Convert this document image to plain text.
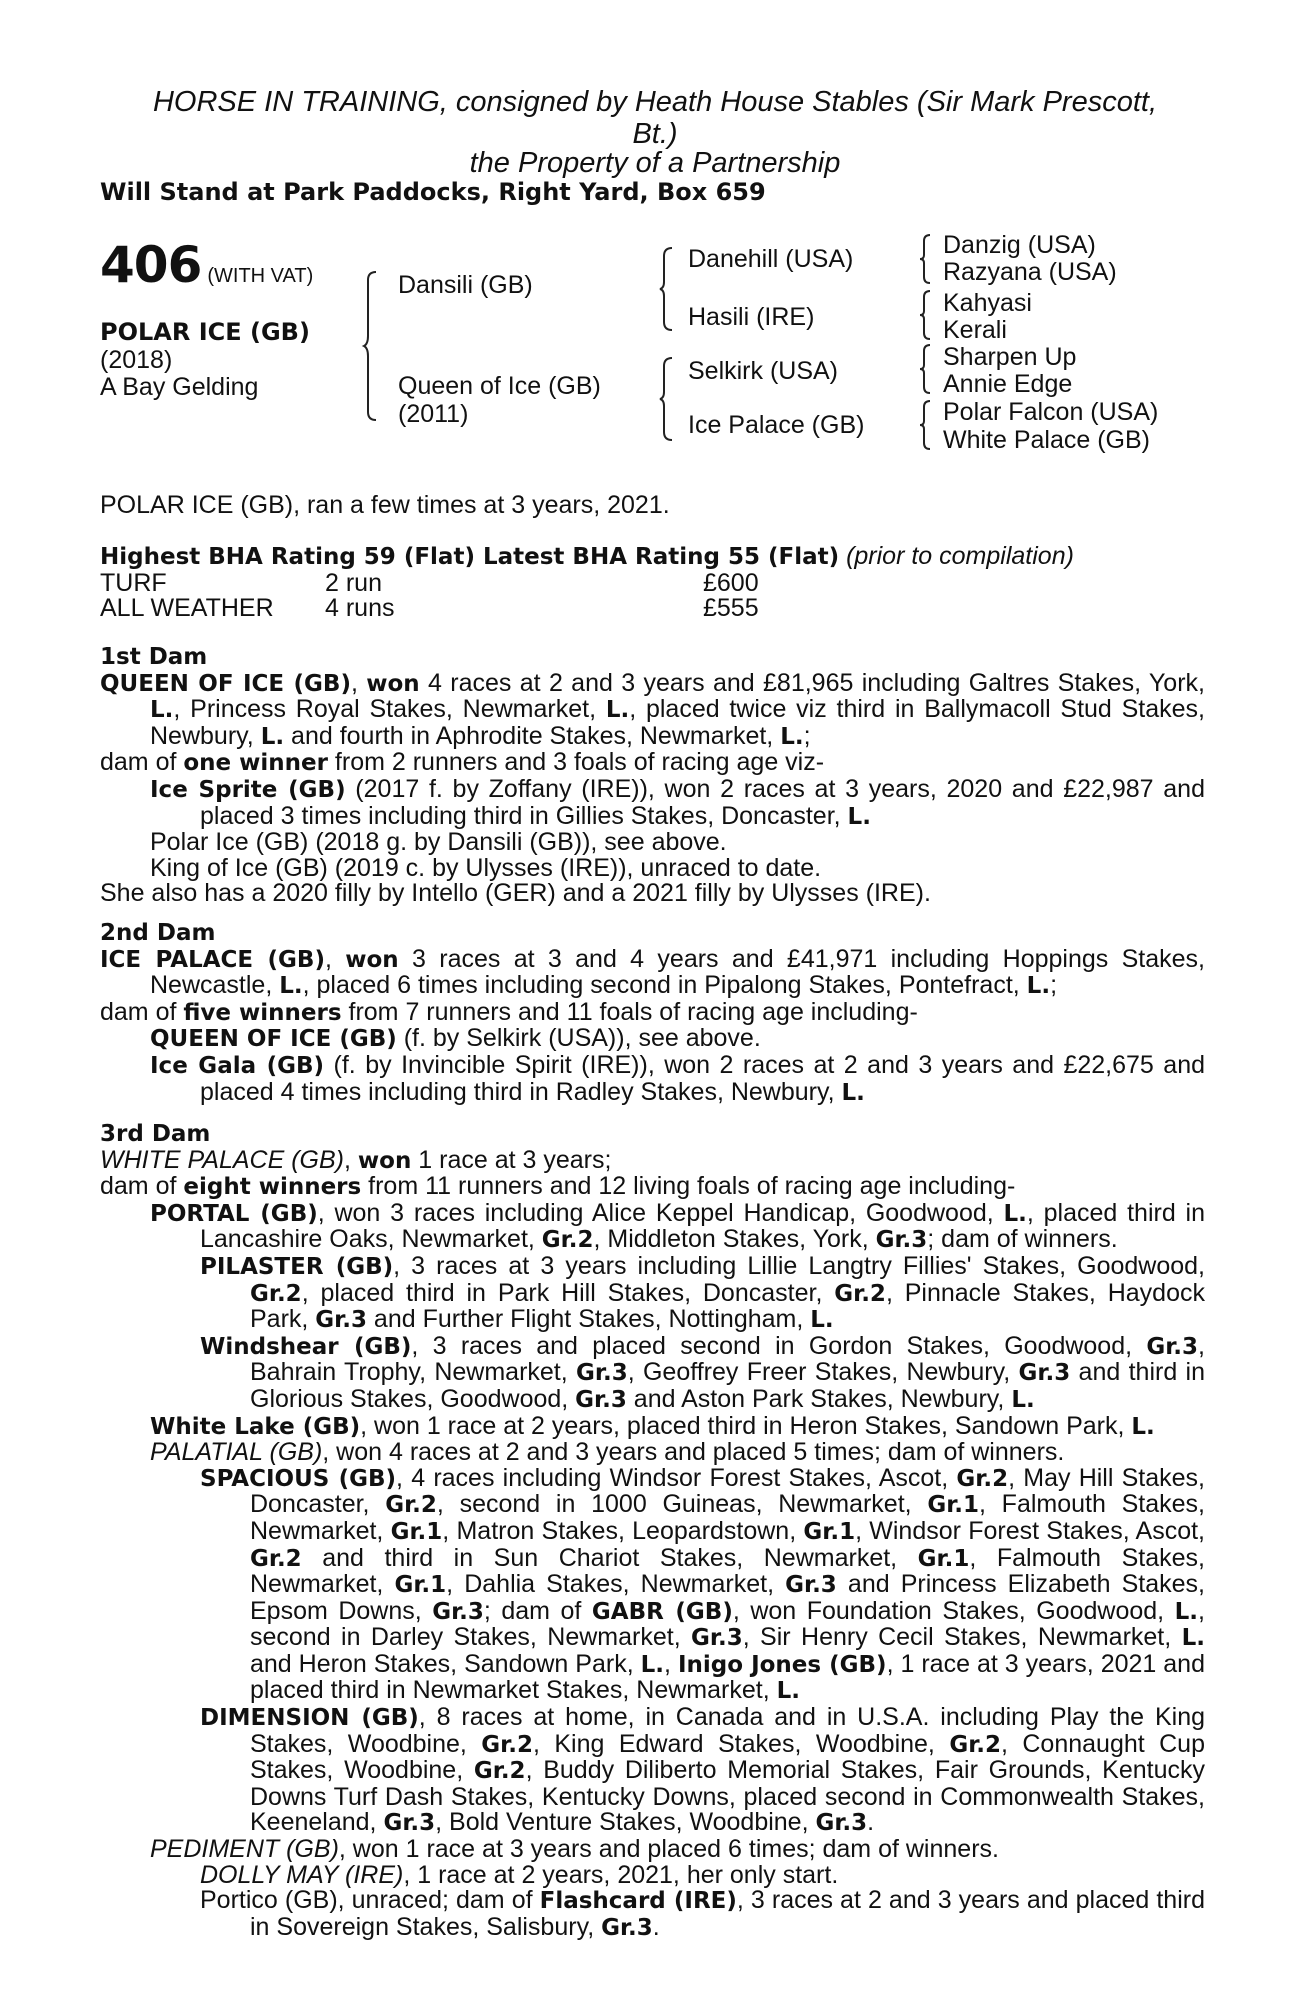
HORSE IN TRAINING, consigned by Heath House Stables (Sir Mark Prescott,
Bt.)
the Property of a Partnership
Will Stand at Park Paddocks, Right Yard, Box 659
406 (WITH VAT)
POLAR ICE (GB)
(2018)
A Bay Gelding
Dansili (GB)
Queen of Ice (GB)
(2011)
Danehill (USA)
Hasili (IRE)
Selkirk (USA)
Ice Palace (GB)
Danzig (USA)
Razyana (USA)
Kahyasi
Kerali
Sharpen Up
Annie Edge
Polar Falcon (USA)
White Palace (GB)

POLAR ICE (GB), ran a few times at 3 years, 2021.

Highest BHA Rating 59 (Flat) Latest BHA Rating 55 (Flat) (prior to compilation)

TURF	2 run	£600
ALL WEATHER	4 runs	£555

1st Dam

QUEEN OF ICE (GB), won 4 races at 2 and 3 years and £81,965 including Galtres Stakes, York, L., Princess Royal Stakes, Newmarket, L., placed twice viz third in Ballymacoll Stud Stakes, Newbury, L. and fourth in Aphrodite Stakes, Newmarket, L.;

dam of one winner from 2 runners and 3 foals of racing age viz-

Ice Sprite (GB) (2017 f. by Zoffany (IRE)), won 2 races at 3 years, 2020 and £22,987 and placed 3 times including third in Gillies Stakes, Doncaster, L.

Polar Ice (GB) (2018 g. by Dansili (GB)), see above.

King of Ice (GB) (2019 c. by Ulysses (IRE)), unraced to date.

She also has a 2020 filly by Intello (GER) and a 2021 filly by Ulysses (IRE).

2nd Dam

ICE PALACE (GB), won 3 races at 3 and 4 years and £41,971 including Hoppings Stakes, Newcastle, L., placed 6 times including second in Pipalong Stakes, Pontefract, L.;

dam of five winners from 7 runners and 11 foals of racing age including-

QUEEN OF ICE (GB) (f. by Selkirk (USA)), see above.

Ice Gala (GB) (f. by Invincible Spirit (IRE)), won 2 races at 2 and 3 years and £22,675 and placed 4 times including third in Radley Stakes, Newbury, L.

3rd Dam

WHITE PALACE (GB), won 1 race at 3 years;

dam of eight winners from 11 runners and 12 living foals of racing age including-

PORTAL (GB), won 3 races including Alice Keppel Handicap, Goodwood, L., placed third in Lancashire Oaks, Newmarket, Gr.2, Middleton Stakes, York, Gr.3; dam of winners.

PILASTER (GB), 3 races at 3 years including Lillie Langtry Fillies' Stakes, Goodwood, Gr.2, placed third in Park Hill Stakes, Doncaster, Gr.2, Pinnacle Stakes, Haydock Park, Gr.3 and Further Flight Stakes, Nottingham, L.

Windshear (GB), 3 races and placed second in Gordon Stakes, Goodwood, Gr.3, Bahrain Trophy, Newmarket, Gr.3, Geoffrey Freer Stakes, Newbury, Gr.3 and third in Glorious Stakes, Goodwood, Gr.3 and Aston Park Stakes, Newbury, L.

White Lake (GB), won 1 race at 2 years, placed third in Heron Stakes, Sandown Park, L.

PALATIAL (GB), won 4 races at 2 and 3 years and placed 5 times; dam of winners.

SPACIOUS (GB), 4 races including Windsor Forest Stakes, Ascot, Gr.2, May Hill Stakes, Doncaster, Gr.2, second in 1000 Guineas, Newmarket, Gr.1, Falmouth Stakes, Newmarket, Gr.1, Matron Stakes, Leopardstown, Gr.1, Windsor Forest Stakes, Ascot, Gr.2 and third in Sun Chariot Stakes, Newmarket, Gr.1, Falmouth Stakes, Newmarket, Gr.1, Dahlia Stakes, Newmarket, Gr.3 and Princess Elizabeth Stakes, Epsom Downs, Gr.3; dam of GABR (GB), won Foundation Stakes, Goodwood, L., second in Darley Stakes, Newmarket, Gr.3, Sir Henry Cecil Stakes, Newmarket, L. and Heron Stakes, Sandown Park, L., Inigo Jones (GB), 1 race at 3 years, 2021 and placed third in Newmarket Stakes, Newmarket, L.

DIMENSION (GB), 8 races at home, in Canada and in U.S.A. including Play the King Stakes, Woodbine, Gr.2, King Edward Stakes, Woodbine, Gr.2, Connaught Cup Stakes, Woodbine, Gr.2, Buddy Diliberto Memorial Stakes, Fair Grounds, Kentucky Downs Turf Dash Stakes, Kentucky Downs, placed second in Commonwealth Stakes, Keeneland, Gr.3, Bold Venture Stakes, Woodbine, Gr.3.

PEDIMENT (GB), won 1 race at 3 years and placed 6 times; dam of winners.

DOLLY MAY (IRE), 1 race at 2 years, 2021, her only start.

Portico (GB), unraced; dam of Flashcard (IRE), 3 races at 2 and 3 years and placed third in Sovereign Stakes, Salisbury, Gr.3.
